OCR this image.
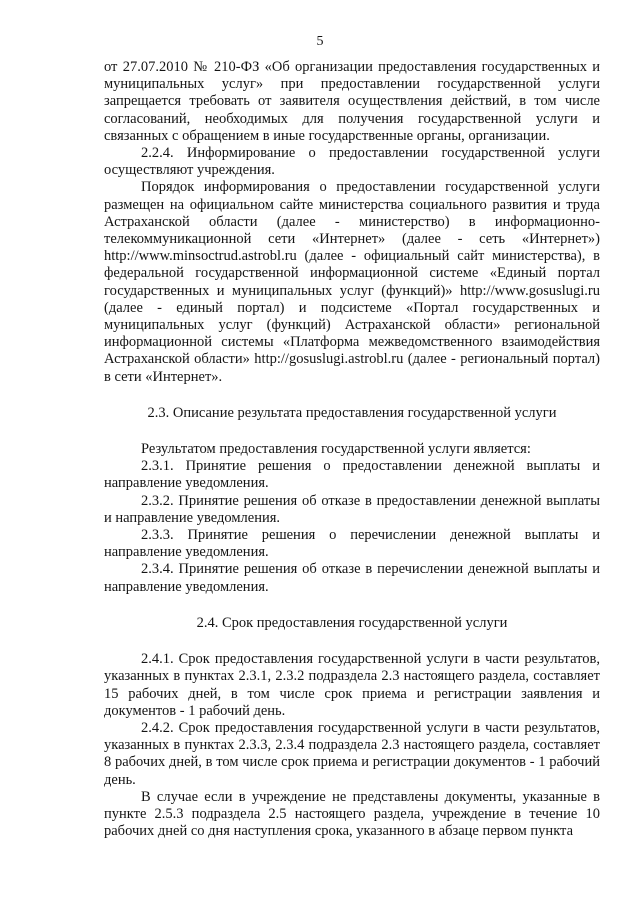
5

от 27.07.2010 № 210-ФЗ «Об организации предоставления государственных и муниципальных услуг» при предоставлении государственной услуги запрещается требовать от заявителя осуществления действий, в том числе согласований, необходимых для получения государственной услуги и связанных с обращением в иные государственные органы, организации.

2.2.4. Информирование о предоставлении государственной услуги осуществляют учреждения.

Порядок информирования о предоставлении государственной услуги размещен на официальном сайте министерства социального развития и труда Астраханской области (далее - министерство) в информационно-телекоммуникационной сети «Интернет» (далее - сеть «Интернет») http://www.minsoctrud.astrobl.ru (далее - официальный сайт министерства), в федеральной государственной информационной системе «Единый портал государственных и муниципальных услуг (функций)» http://www.gosuslugi.ru (далее - единый портал) и подсистеме «Портал государственных и муниципальных услуг (функций) Астраханской области» региональной информационной системы «Платформа межведомственного взаимодействия Астраханской области» http://gosuslugi.astrobl.ru (далее - региональный портал) в сети «Интернет».

2.3. Описание результата предоставления государственной услуги

Результатом предоставления государственной услуги является:

2.3.1. Принятие решения о предоставлении денежной выплаты и направление уведомления.

2.3.2. Принятие решения об отказе в предоставлении денежной выплаты и направление уведомления.

2.3.3. Принятие решения о перечислении денежной выплаты и направление уведомления.

2.3.4. Принятие решения об отказе в перечислении денежной выплаты и направление уведомления.

2.4. Срок предоставления государственной услуги

2.4.1. Срок предоставления государственной услуги в части результатов, указанных в пунктах 2.3.1, 2.3.2 подраздела 2.3 настоящего раздела, составляет 15 рабочих дней, в том числе срок приема и регистрации заявления и документов - 1 рабочий день.

2.4.2. Срок предоставления государственной услуги в части результатов, указанных в пунктах 2.3.3, 2.3.4 подраздела 2.3 настоящего раздела, составляет 8 рабочих дней, в том числе срок приема и регистрации документов - 1 рабочий день.

В случае если в учреждение не представлены документы, указанные в пункте 2.5.3 подраздела 2.5 настоящего раздела, учреждение в течение 10 рабочих дней со дня наступления срока, указанного в абзаце первом пункта
